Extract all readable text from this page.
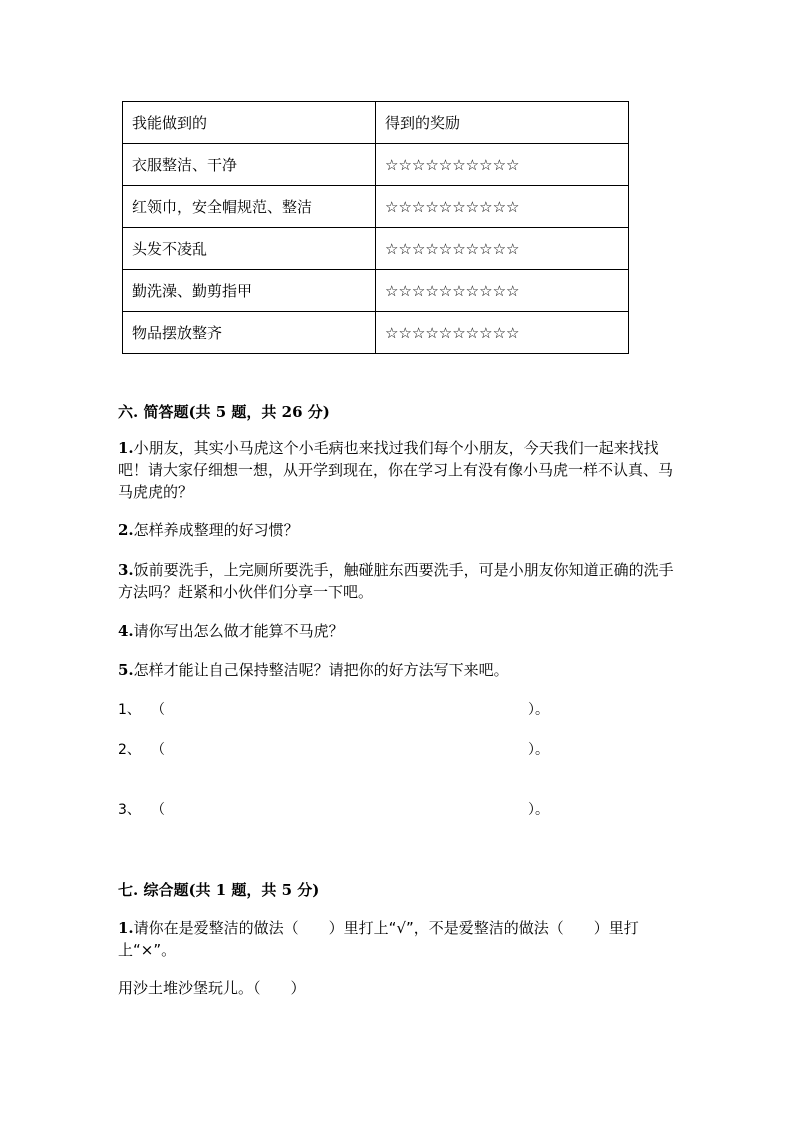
我能做到的	得到的奖励
衣服整洁、干净	☆☆☆☆☆☆☆☆☆☆
红领巾，安全帽规范、整洁	☆☆☆☆☆☆☆☆☆☆
头发不凌乱	☆☆☆☆☆☆☆☆☆☆
勤洗澡、勤剪指甲	☆☆☆☆☆☆☆☆☆☆
物品摆放整齐	☆☆☆☆☆☆☆☆☆☆
六. 简答题(共 5 题，共 26 分)
1.小朋友，其实小马虎这个小毛病也来找过我们每个小朋友，今天我们一起来找找吧！请大家仔细想一想，从开学到现在，你在学习上有没有像小马虎一样不认真、马马虎虎的？
2.怎样养成整理的好习惯？
3.饭前要洗手，上完厕所要洗手，触碰脏东西要洗手，可是小朋友你知道正确的洗手方法吗？赶紧和小伙伴们分享一下吧。
4.请你写出怎么做才能算不马虎？
5.怎样才能让自己保持整洁呢？请把你的好方法写下来吧。
1、 （	）。
2、 （	）。
3、 （	）。
七. 综合题(共 1 题，共 5 分)
1.请你在是爱整洁的做法（　　）里打上“√”，不是爱整洁的做法（　　）里打上“×”。
用沙土堆沙堡玩儿。（　　）
